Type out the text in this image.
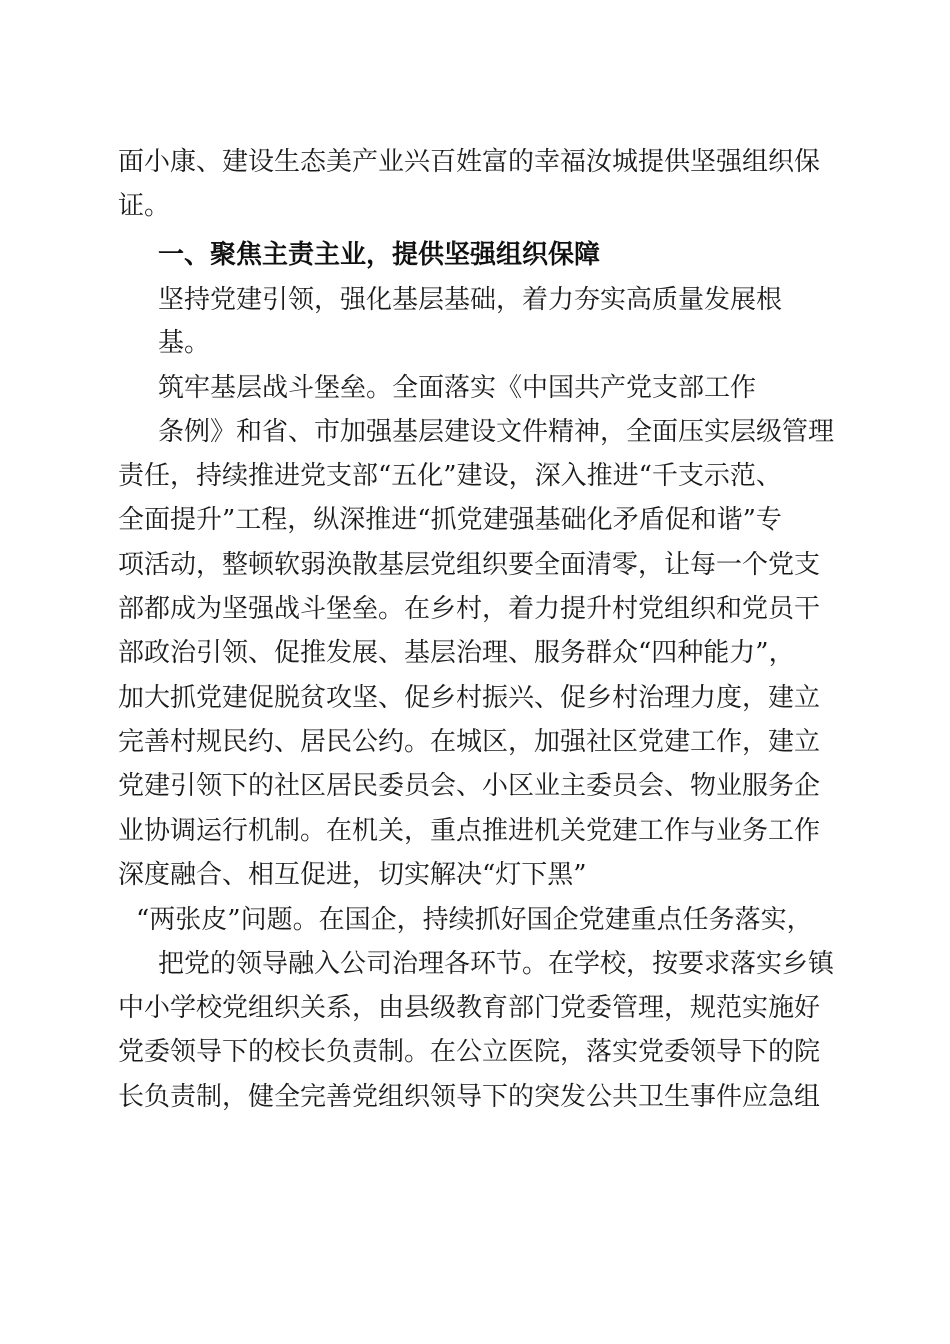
面小康、建设生态美产业兴百姓富的幸福汝城提供坚强组织保
证。
一、聚焦主责主业，提供坚强组织保障
坚持党建引领，强化基层基础，着力夯实高质量发展根
基。
筑牢基层战斗堡垒。全面落实《中国共产党支部工作
条例》和省、市加强基层建设文件精神，全面压实层级管理
责任，持续推进党支部“五化”建设，深入推进“千支示范、
全面提升”工程，纵深推进“抓党建强基础化矛盾促和谐”专
项活动，整顿软弱涣散基层党组织要全面清零，让每一个党支
部都成为坚强战斗堡垒。在乡村，着力提升村党组织和党员干
部政治引领、促推发展、基层治理、服务群众“四种能力”，
加大抓党建促脱贫攻坚、促乡村振兴、促乡村治理力度，建立
完善村规民约、居民公约。在城区，加强社区党建工作，建立
党建引领下的社区居民委员会、小区业主委员会、物业服务企
业协调运行机制。在机关，重点推进机关党建工作与业务工作
深度融合、相互促进，切实解决“灯下黑”
“两张皮”问题。在国企，持续抓好国企党建重点任务落实，
把党的领导融入公司治理各环节。在学校，按要求落实乡镇
中小学校党组织关系，由县级教育部门党委管理，规范实施好
党委领导下的校长负责制。在公立医院，落实党委领导下的院
长负责制，健全完善党组织领导下的突发公共卫生事件应急组
